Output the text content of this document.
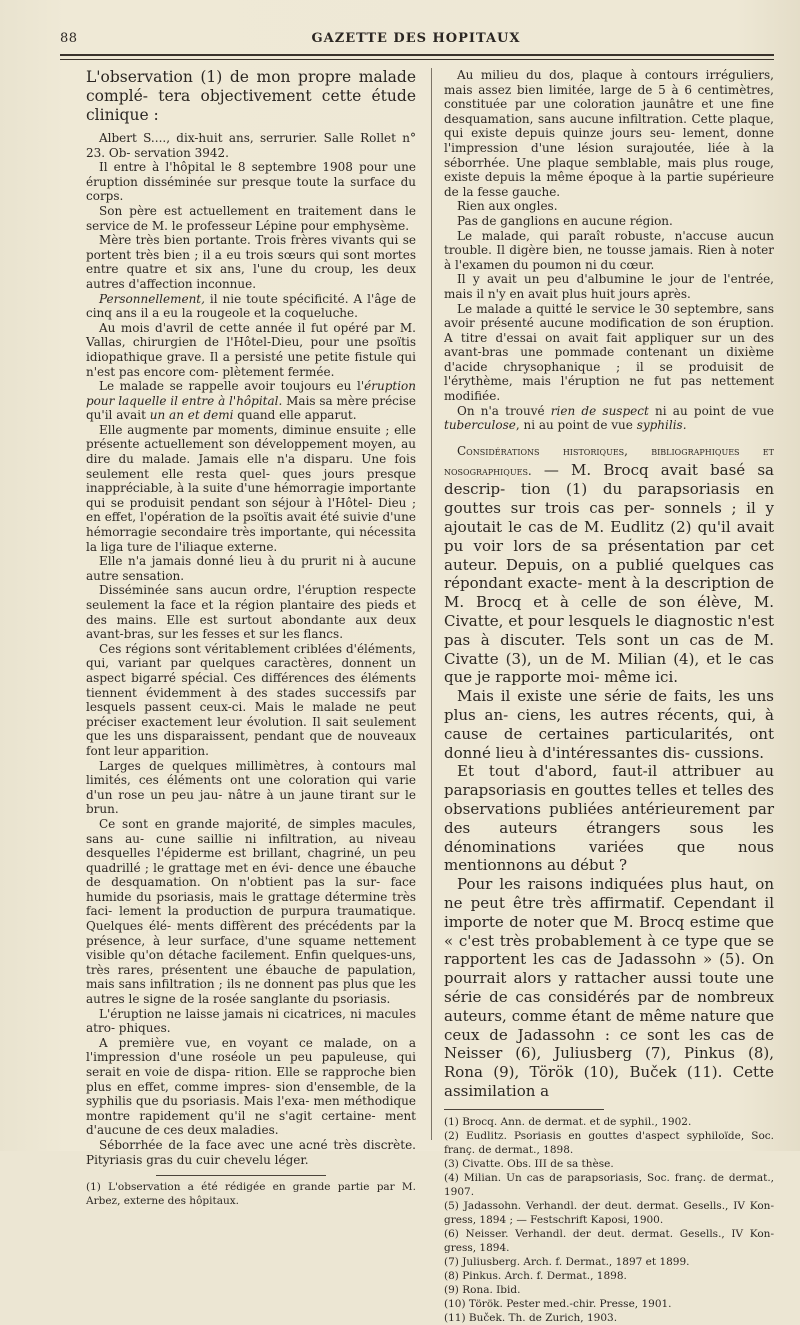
88	GAZETTE DES HOPITAUX

L'observation (1) de mon propre malade complé- tera objectivement cette étude clinique :

Albert S...., dix-huit ans, serrurier. Salle Rollet n° 23. Ob- servation 3942.

Il entre à l'hôpital le 8 septembre 1908 pour une éruption disséminée sur presque toute la surface du corps.

Son père est actuellement en traitement dans le service de M. le professeur Lépine pour emphysème.

Mère très bien portante. Trois frères vivants qui se portent très bien ; il a eu trois sœurs qui sont mortes entre quatre et six ans, l'une du croup, les deux autres d'affection inconnue.

Personnellement, il nie toute spécificité. A l'âge de cinq ans il a eu la rougeole et la coqueluche.

Au mois d'avril de cette année il fut opéré par M. Vallas, chirurgien de l'Hôtel-Dieu, pour une psoïtis idiopathique grave. Il a persisté une petite fistule qui n'est pas encore com- plètement fermée.

Le malade se rappelle avoir toujours eu l'éruption pour laquelle il entre à l'hôpital. Mais sa mère précise qu'il avait un an et demi quand elle apparut.

Elle augmente par moments, diminue ensuite ; elle présente actuellement son développement moyen, au dire du malade. Jamais elle n'a disparu. Une fois seulement elle resta quel- ques jours presque inappréciable, à la suite d'une hémorragie importante qui se produisit pendant son séjour à l'Hôtel- Dieu ; en effet, l'opération de la psoïtis avait été suivie d'une hémorragie secondaire très importante, qui nécessita la liga ture de l'iliaque externe.

Elle n'a jamais donné lieu à du prurit ni à aucune autre sensation.

Disséminée sans aucun ordre, l'éruption respecte seulement la face et la région plantaire des pieds et des mains. Elle est surtout abondante aux deux avant-bras, sur les fesses et sur les flancs.

Ces régions sont véritablement criblées d'éléments, qui, variant par quelques caractères, donnent un aspect bigarré spécial. Ces différences des éléments tiennent évidemment à des stades successifs par lesquels passent ceux-ci. Mais le malade ne peut préciser exactement leur évolution. Il sait seulement que les uns disparaissent, pendant que de nouveaux font leur apparition.

Larges de quelques millimètres, à contours mal limités, ces éléments ont une coloration qui varie d'un rose un peu jau- nâtre à un jaune tirant sur le brun.

Ce sont en grande majorité, de simples macules, sans au- cune saillie ni infiltration, au niveau desquelles l'épiderme est brillant, chagriné, un peu quadrillé ; le grattage met en évi- dence une ébauche de desquamation. On n'obtient pas la sur- face humide du psoriasis, mais le grattage détermine très faci- lement la production de purpura traumatique. Quelques élé- ments diffèrent des précédents par la présence, à leur surface, d'une squame nettement visible qu'on détache facilement. Enfin quelques-uns, très rares, présentent une ébauche de papulation, mais sans infiltration ; ils ne donnent pas plus que les autres le signe de la rosée sanglante du psoriasis.

L'éruption ne laisse jamais ni cicatrices, ni macules atro- phiques.

A première vue, en voyant ce malade, on a l'impression d'une roséole un peu papuleuse, qui serait en voie de dispa- rition. Elle se rapproche bien plus en effet, comme impres- sion d'ensemble, de la syphilis que du psoriasis. Mais l'exa- men méthodique montre rapidement qu'il ne s'agit certaine- ment d'aucune de ces deux maladies.

Séborrhée de la face avec une acné très discrète. Pityriasis gras du cuir chevelu léger.

(1) L'observation a été rédigée en grande partie par M. Arbez, externe des hôpitaux.

Au milieu du dos, plaque à contours irréguliers, mais assez bien limitée, large de 5 à 6 centimètres, constituée par une coloration jaunâtre et une fine desquamation, sans aucune infiltration. Cette plaque, qui existe depuis quinze jours seu- lement, donne l'impression d'une lésion surajoutée, liée à la séborrhée. Une plaque semblable, mais plus rouge, existe depuis la même époque à la partie supérieure de la fesse gauche.

Rien aux ongles.

Pas de ganglions en aucune région.

Le malade, qui paraît robuste, n'accuse aucun trouble. Il digère bien, ne tousse jamais. Rien à noter à l'examen du poumon ni du cœur.

Il y avait un peu d'albumine le jour de l'entrée, mais il n'y en avait plus huit jours après.

Le malade a quitté le service le 30 septembre, sans avoir présenté aucune modification de son éruption. A titre d'essai on avait fait appliquer sur un des avant-bras une pommade contenant un dixième d'acide chrysophanique ; il se produisit de l'érythème, mais l'éruption ne fut pas nettement modifiée.

On n'a trouvé rien de suspect ni au point de vue tuberculose, ni au point de vue syphilis.

Considérations historiques, bibliographiques et nosographiques. — M. Brocq avait basé sa descrip- tion (1) du parapsoriasis en gouttes sur trois cas per- sonnels ; il y ajoutait le cas de M. Eudlitz (2) qu'il avait pu voir lors de sa présentation par cet auteur. Depuis, on a publié quelques cas répondant exacte- ment à la description de M. Brocq et à celle de son élève, M. Civatte, et pour lesquels le diagnostic n'est pas à discuter. Tels sont un cas de M. Civatte (3), un de M. Milian (4), et le cas que je rapporte moi- même ici.

Mais il existe une série de faits, les uns plus an- ciens, les autres récents, qui, à cause de certaines particularités, ont donné lieu à d'intéressantes dis- cussions.

Et tout d'abord, faut-il attribuer au parapsoriasis en gouttes telles et telles des observations publiées antérieurement par des auteurs étrangers sous les dénominations variées que nous mentionnons au début ?

Pour les raisons indiquées plus haut, on ne peut être très affirmatif. Cependant il importe de noter que M. Brocq estime que « c'est très probablement à ce type que se rapportent les cas de Jadassohn » (5). On pourrait alors y rattacher aussi toute une série de cas considérés par de nombreux auteurs, comme étant de même nature que ceux de Jadassohn : ce sont les cas de Neisser (6), Juliusberg (7), Pinkus (8), Rona (9), Török (10), Buček (11). Cette assimilation a

(1) Brocq. Ann. de dermat. et de syphil., 1902.

(2) Eudlitz. Psoriasis en gouttes d'aspect syphiloïde, Soc. franç. de dermat., 1898.

(3) Civatte. Obs. III de sa thèse.

(4) Milian. Un cas de parapsoriasis, Soc. franç. de dermat., 1907.

(5) Jadassohn. Verhandl. der deut. dermat. Gesells., IV Kon- gress, 1894 ; — Festschrift Kaposi, 1900.

(6) Neisser. Verhandl. der deut. dermat. Gesells., IV Kon- gress, 1894.

(7) Juliusberg. Arch. f. Dermat., 1897 et 1899.

(8) Pinkus. Arch. f. Dermat., 1898.

(9) Rona. Ibid.

(10) Török. Pester med.-chir. Presse, 1901.

(11) Buček. Th. de Zurich, 1903.
